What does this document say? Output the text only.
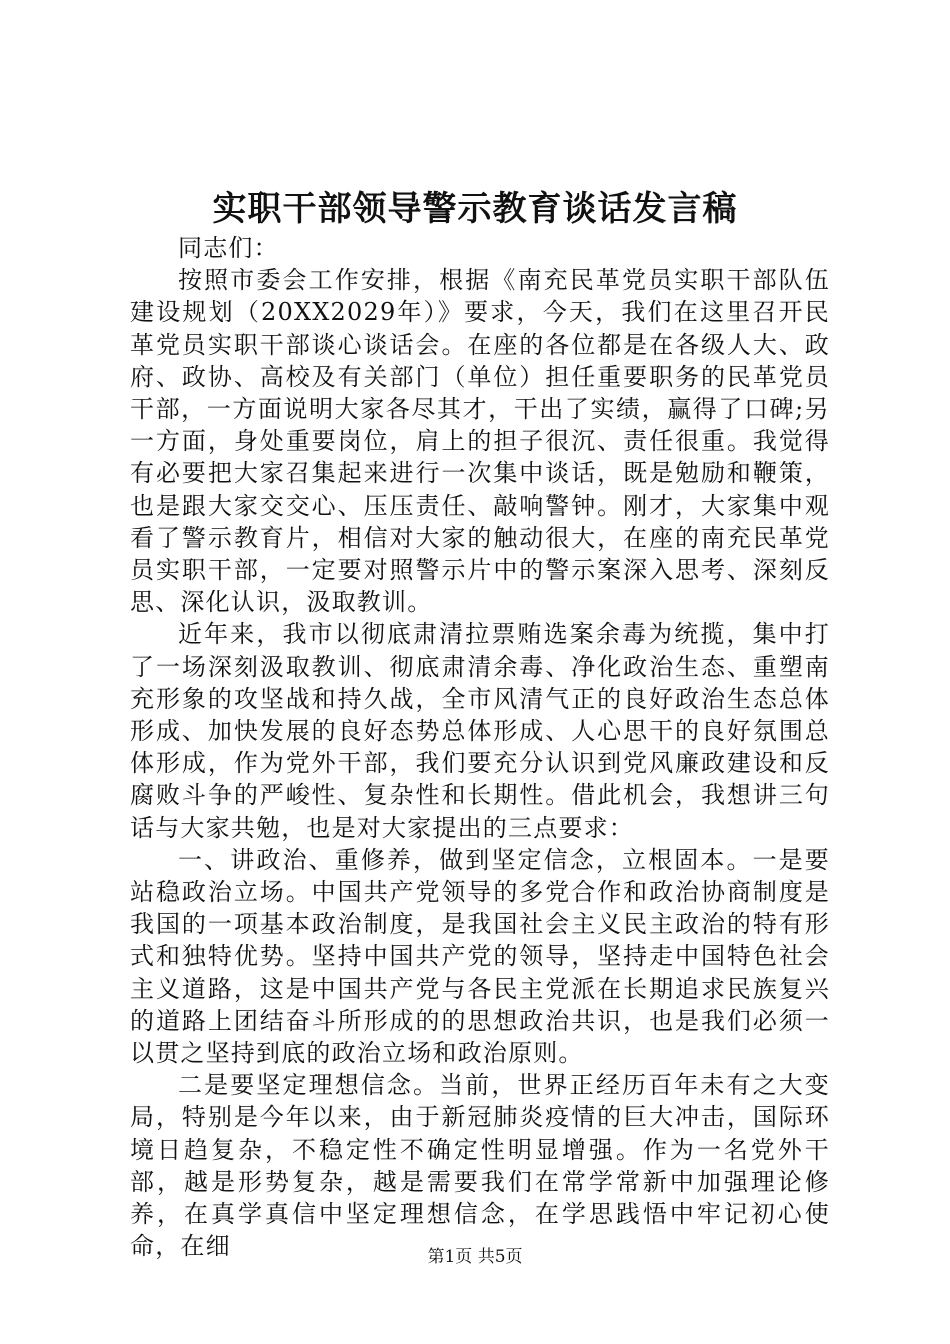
实职干部领导警示教育谈话发言稿

同志们：

按照市委会工作安排，根据《南充民革党员实职干部队伍建设规划（20XX2029年）》要求，今天，我们在这里召开民革党员实职干部谈心谈话会。在座的各位都是在各级人大、政府、政协、高校及有关部门（单位）担任重要职务的民革党员干部，一方面说明大家各尽其才，干出了实绩，赢得了口碑;另一方面，身处重要岗位，肩上的担子很沉、责任很重。我觉得有必要把大家召集起来进行一次集中谈话，既是勉励和鞭策，也是跟大家交交心、压压责任、敲响警钟。刚才，大家集中观看了警示教育片，相信对大家的触动很大，在座的南充民革党员实职干部，一定要对照警示片中的警示案深入思考、深刻反思、深化认识，汲取教训。

近年来，我市以彻底肃清拉票贿选案余毒为统揽，集中打了一场深刻汲取教训、彻底肃清余毒、净化政治生态、重塑南充形象的攻坚战和持久战，全市风清气正的良好政治生态总体形成、加快发展的良好态势总体形成、人心思干的良好氛围总体形成，作为党外干部，我们要充分认识到党风廉政建设和反腐败斗争的严峻性、复杂性和长期性。借此机会，我想讲三句话与大家共勉，也是对大家提出的三点要求：

一、讲政治、重修养，做到坚定信念，立根固本。一是要站稳政治立场。中国共产党领导的多党合作和政治协商制度是我国的一项基本政治制度，是我国社会主义民主政治的特有形式和独特优势。坚持中国共产党的领导，坚持走中国特色社会主义道路，这是中国共产党与各民主党派在长期追求民族复兴的道路上团结奋斗所形成的的思想政治共识，也是我们必须一以贯之坚持到底的政治立场和政治原则。

二是要坚定理想信念。当前，世界正经历百年未有之大变局，特别是今年以来，由于新冠肺炎疫情的巨大冲击，国际环境日趋复杂，不稳定性不确定性明显增强。作为一名党外干部，越是形势复杂，越是需要我们在常学常新中加强理论修养，在真学真信中坚定理想信念，在学思践悟中牢记初心使命，在细	第1页 共5页
